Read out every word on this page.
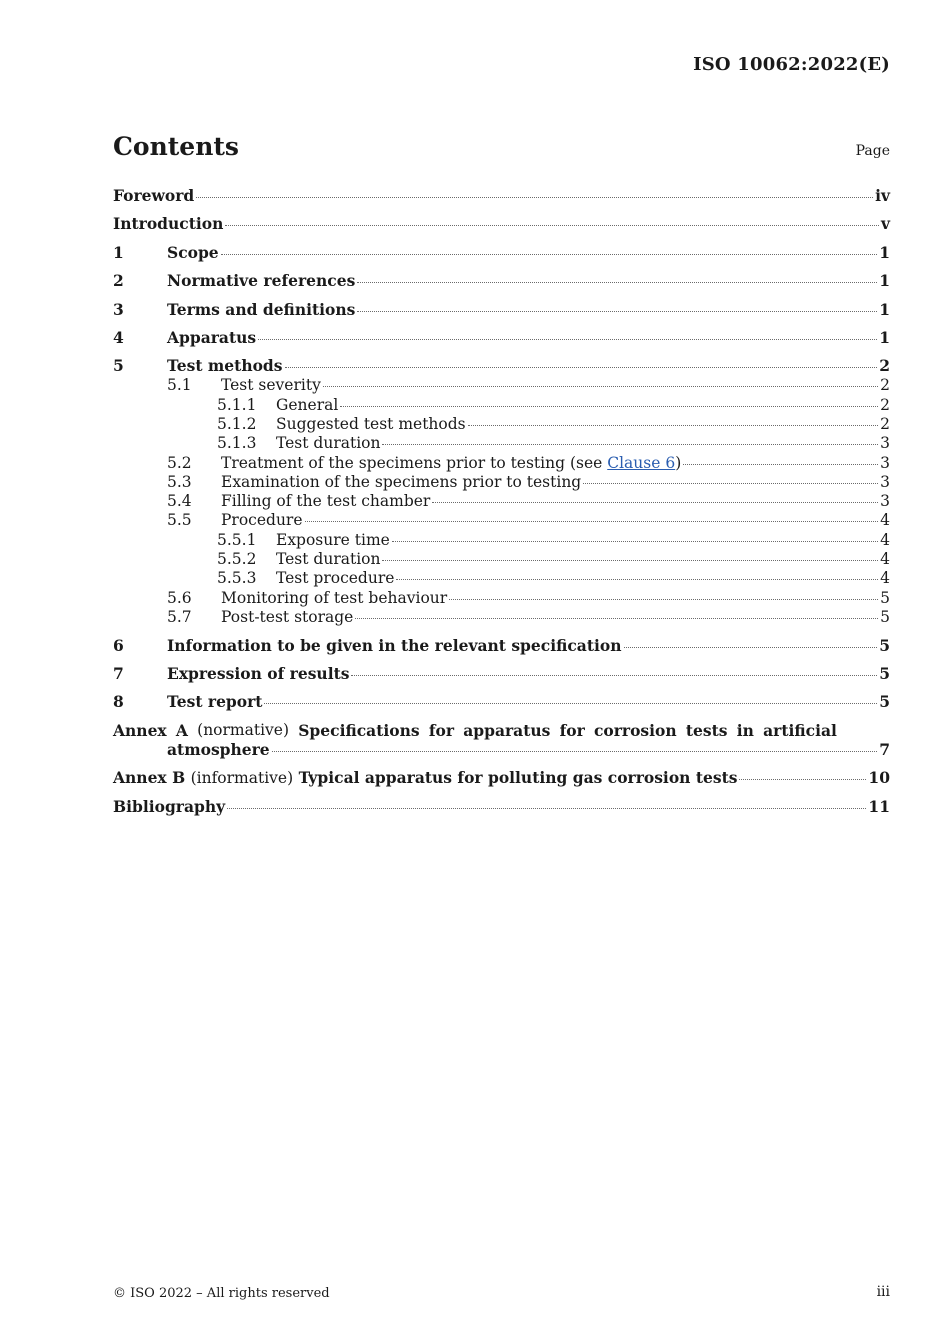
ISO 10062:2022(E)
Contents	Page
Foreword	iv
Introduction	v
1	Scope	1
2	Normative references	1
3	Terms and definitions	1
4	Apparatus	1
5	Test methods	2
5.1	Test severity	2
5.1.1	General	2
5.1.2	Suggested test methods	2
5.1.3	Test duration	3
5.2	Treatment of the specimens prior to testing (see Clause 6)	3
5.3	Examination of the specimens prior to testing	3
5.4	Filling of the test chamber	3
5.5	Procedure	4
5.5.1	Exposure time	4
5.5.2	Test duration	4
5.5.3	Test procedure	4
5.6	Monitoring of test behaviour	5
5.7	Post-test storage	5
6	Information to be given in the relevant specification	5
7	Expression of results	5
8	Test report	5
Annex A (normative) Specifications for apparatus for corrosion tests in artificial
atmosphere	7
Annex B (informative) Typical apparatus for polluting gas corrosion tests	10
Bibliography	11
© ISO 2022 – All rights reserved	iii
